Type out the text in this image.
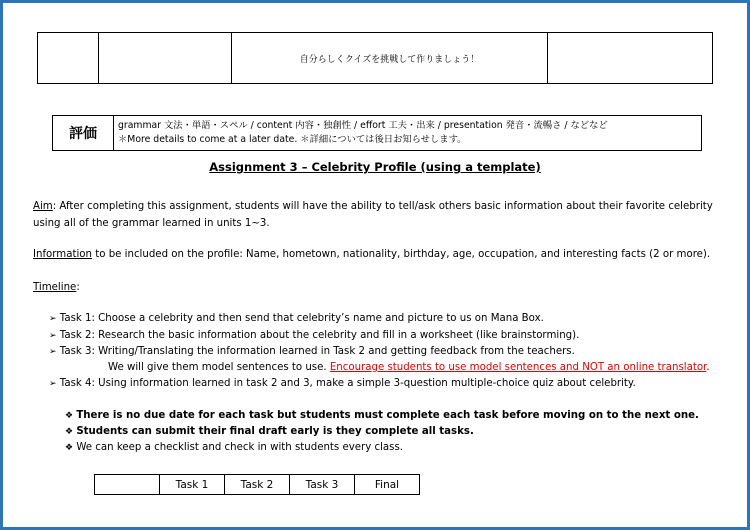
		自分らしくクイズを挑戦して作りましょう！	
評価	
grammar 文法・単語・スペル / content 内容・独創性 / effort 工夫・出来 / presentation 発音・流暢さ / などなど
＊More details to come at a later date. ＊詳細については後日お知らせします。
Assignment 3 – Celebrity Profile (using a template)
Aim: After completing this assignment, students will have the ability to tell/ask others basic information about their favorite celebrity
using all of the grammar learned in units 1~3.
Information to be included on the profile: Name, hometown, nationality, birthday, age, occupation, and interesting facts (2 or more).
Timeline:
➢ Task 1: Choose a celebrity and then send that celebrity’s name and picture to us on Mana Box.
➢ Task 2: Research the basic information about the celebrity and fill in a worksheet (like brainstorming).
➢ Task 3: Writing/Translating the information learned in Task 2 and getting feedback from the teachers.
We will give them model sentences to use. Encourage students to use model sentences and NOT an online translator.
➢ Task 4: Using information learned in task 2 and 3, make a simple 3-question multiple-choice quiz about celebrity.
❖ There is no due date for each task but students must complete each task before moving on to the next one.
❖ Students can submit their final draft early is they complete all tasks.
❖ We can keep a checklist and check in with students every class.
	Task 1	Task 2	Task 3	Final
